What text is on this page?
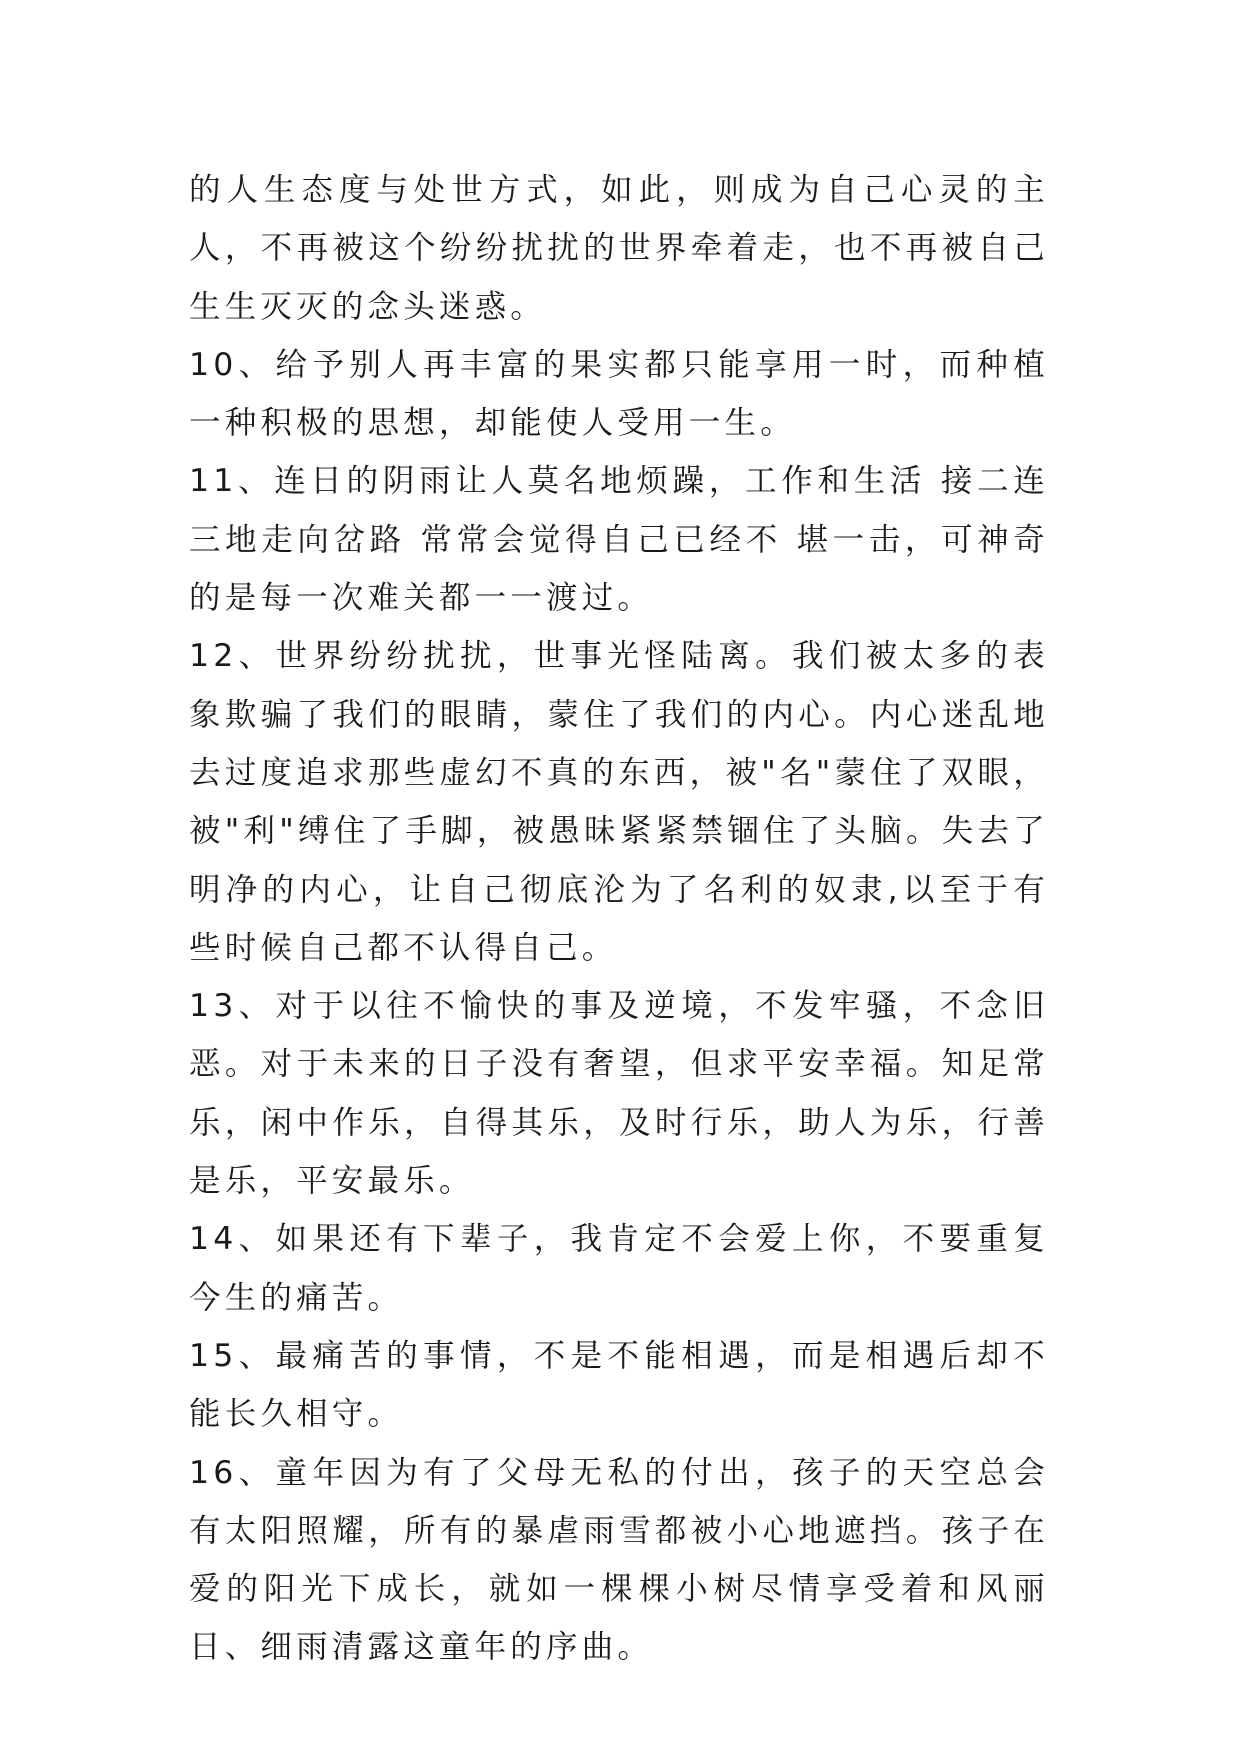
的人生态度与处世方式，如此，则成为自己心灵的主人，不再被这个纷纷扰扰的世界牵着走，也不再被自己生生灭灭的念头迷惑。

10、给予别人再丰富的果实都只能享用一时，而种植一种积极的思想，却能使人受用一生。

11、连日的阴雨让人莫名地烦躁，工作和生活 接二连三地走向岔路 常常会觉得自己已经不 堪一击，可神奇的是每一次难关都一一渡过。

12、世界纷纷扰扰，世事光怪陆离。我们被太多的表象欺骗了我们的眼睛，蒙住了我们的内心。内心迷乱地去过度追求那些虚幻不真的东西，被"名"蒙住了双眼，被"利"缚住了手脚，被愚昧紧紧禁锢住了头脑。失去了明净的内心，让自己彻底沦为了名利的奴隶,以至于有些时候自己都不认得自己。

13、对于以往不愉快的事及逆境，不发牢骚，不念旧恶。对于未来的日子没有奢望，但求平安幸福。知足常乐，闲中作乐，自得其乐，及时行乐，助人为乐，行善是乐，平安最乐。

14、如果还有下辈子，我肯定不会爱上你，不要重复今生的痛苦。

15、最痛苦的事情，不是不能相遇，而是相遇后却不能长久相守。

16、童年因为有了父母无私的付出，孩子的天空总会有太阳照耀，所有的暴虐雨雪都被小心地遮挡。孩子在爱的阳光下成长，就如一棵棵小树尽情享受着和风丽日、细雨清露这童年的序曲。
